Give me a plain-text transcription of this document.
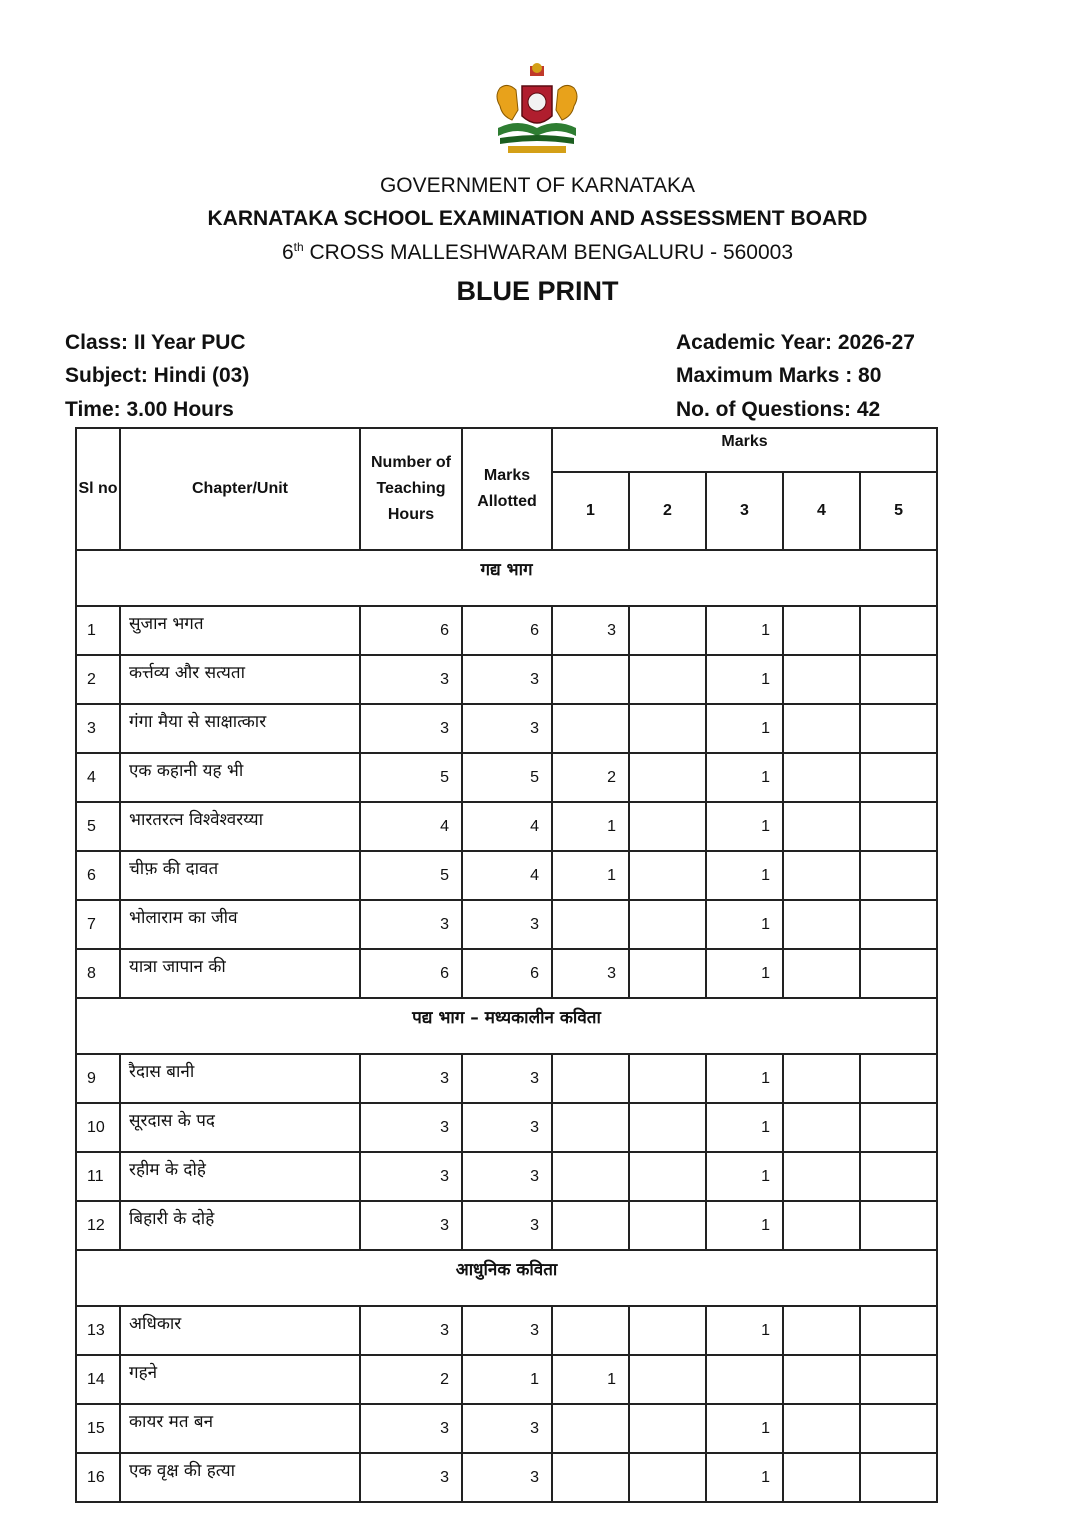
GOVERNMENT OF KARNATAKA
KARNATAKA SCHOOL EXAMINATION AND ASSESSMENT BOARD
6th CROSS MALLESHWARAM BENGALURU - 560003
BLUE PRINT
Class: II Year PUC
Subject: Hindi (03)
Time: 3.00 Hours
Academic Year: 2026-27
Maximum Marks : 80
No. of Questions: 42
Sl no	Chapter/Unit	Number of Teaching Hours	Marks Allotted	Marks				
				1	2	3	4	5
गद्य भाग								
1	सुजान भगत	6	6	3		1		
2	कर्त्तव्य और सत्यता	3	3			1		
3	गंगा मैया से साक्षात्कार	3	3			1		
4	एक कहानी यह भी	5	5	2		1		
5	भारतरत्न विश्वेश्वरय्या	4	4	1		1		
6	चीफ़ की दावत	5	4	1		1		
7	भोलाराम का जीव	3	3			1		
8	यात्रा जापान की	6	6	3		1		
पद्य भाग – मध्यकालीन कविता								
9	रैदास बानी	3	3			1		
10	सूरदास के पद	3	3			1		
11	रहीम के दोहे	3	3			1		
12	बिहारी के दोहे	3	3			1		
आधुनिक कविता								
13	अधिकार	3	3			1		
14	गहने	2	1	1				
15	कायर मत बन	3	3			1		
16	एक वृक्ष की हत्या	3	3			1		
